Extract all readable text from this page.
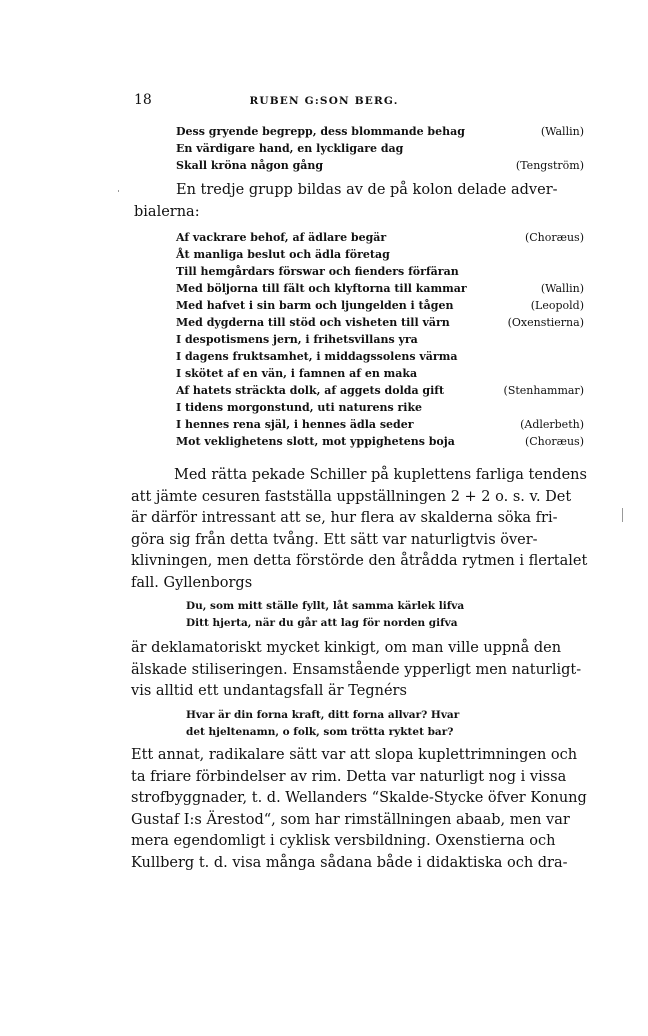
18	RUBEN G:SON BERG.
Dess gryende begrepp, dess blommande behag	(Wallin)
En värdigare hand, en lyckligare dag
Skall kröna någon gång	(Tengström)
En tredje grupp bildas av de på kolon delade adver-
bialerna:
Af vackrare behof, af ädlare begär	(Choræus)
Åt manliga beslut och ädla företag
Till hemgårdars förswar och fienders förfäran
Med böljorna till fält och klyftorna till kammar	(Wallin)
Med hafvet i sin barm och ljungelden i tågen	(Leopold)
Med dygderna till stöd och visheten till värn	(Oxenstierna)
I despotismens jern, i frihetsvillans yra
I dagens fruktsamhet, i middagssolens värma
I skötet af en vän, i famnen af en maka
Af hatets sträckta dolk, af aggets dolda gift	(Stenhammar)
I tidens morgonstund, uti naturens rike
I hennes rena själ, i hennes ädla seder	(Adlerbeth)
Mot veklighetens slott, mot yppighetens boja	(Choræus)
Med rätta pekade Schiller på kuplettens farliga tendens
att jämte cesuren fastställa uppställningen 2 + 2 o. s. v. Det
är därför intressant att se, hur flera av skalderna söka fri-
göra sig från detta tvång. Ett sätt var naturligtvis över-
klivningen, men detta förstörde den åtrådda rytmen i flertalet
fall. Gyllenborgs
Du, som mitt ställe fyllt, låt samma kärlek lifva
Ditt hjerta, när du går att lag för norden gifva
är deklamatoriskt mycket kinkigt, om man ville uppnå den
älskade stiliseringen. Ensamstående ypperligt men naturligt-
vis alltid ett undantagsfall är Tegnérs
Hvar är din forna kraft, ditt forna allvar? Hvar
det hjeltenamn, o folk, som trötta ryktet bar?
Ett annat, radikalare sätt var att slopa kuplettrimningen och
ta friare förbindelser av rim. Detta var naturligt nog i vissa
strofbyggnader, t. d. Wellanders “Skalde-Stycke öfver Konung
Gustaf I:s Ärestod“, som har rimställningen abaab, men var
mera egendomligt i cyklisk versbildning. Oxenstierna och
Kullberg t. d. visa många sådana både i didaktiska och dra-
